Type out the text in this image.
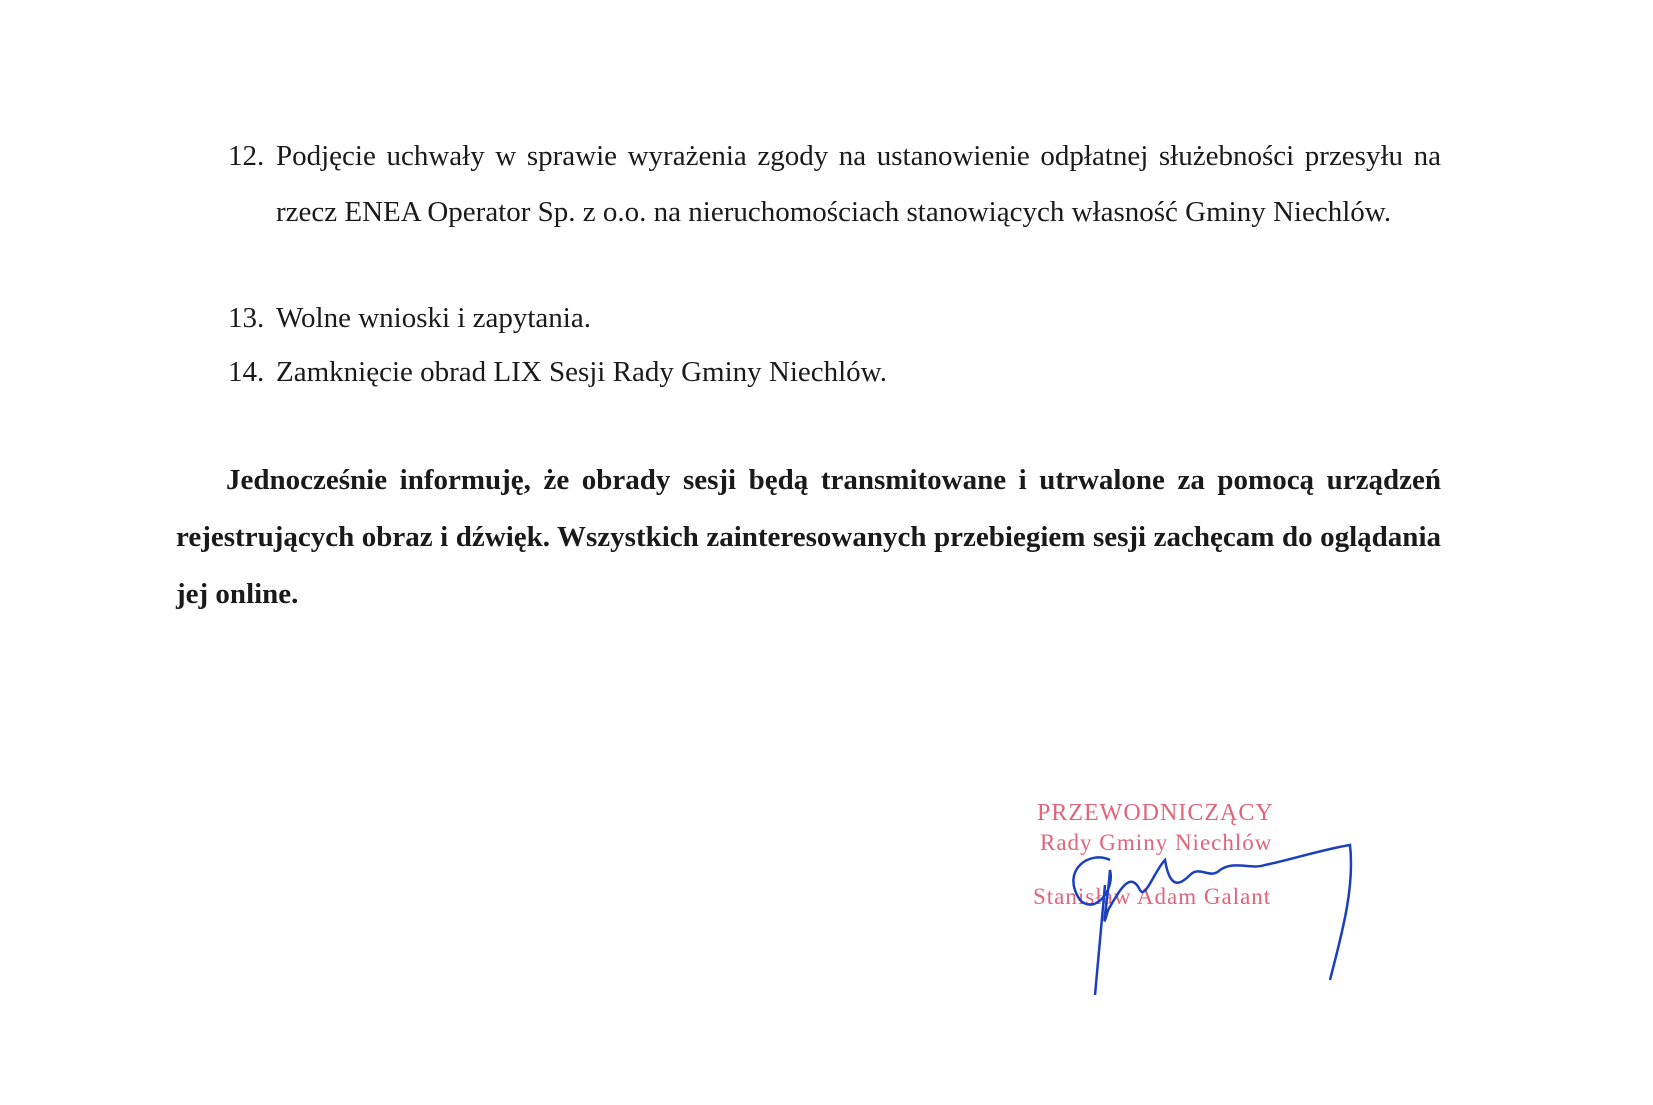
12. Podjęcie uchwały w sprawie wyrażenia zgody na ustanowienie odpłatnej służebności przesyłu na rzecz ENEA Operator Sp. z o.o. na nieruchomościach stanowiących własność Gminy Niechlów.
13. Wolne wnioski i zapytania.
14. Zamknięcie obrad LIX Sesji Rady Gminy Niechlów.
Jednocześnie informuję, że obrady sesji będą transmitowane i utrwalone za pomocą urządzeń rejestrujących obraz i dźwięk. Wszystkich zainteresowanych przebiegiem sesji zachęcam do oglądania jej online.
PRZEWODNICZĄCY
Rady Gminy Niechlów
Stanisław Adam Galant
